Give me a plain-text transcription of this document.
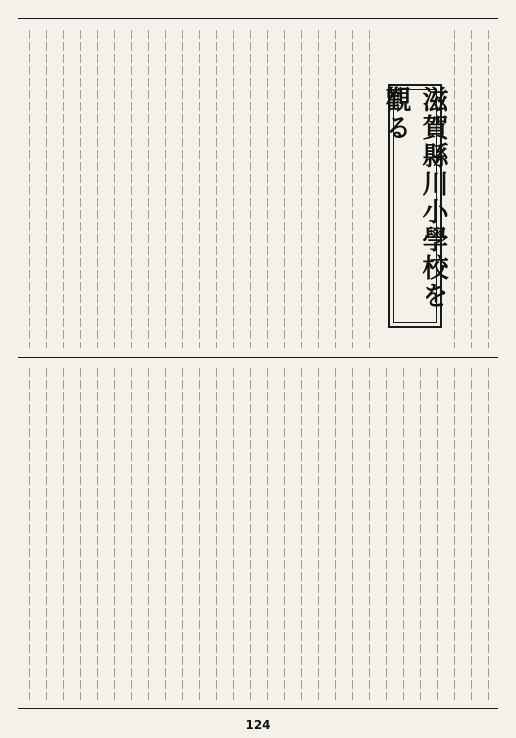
滋賀縣川小學校を觀る
124
